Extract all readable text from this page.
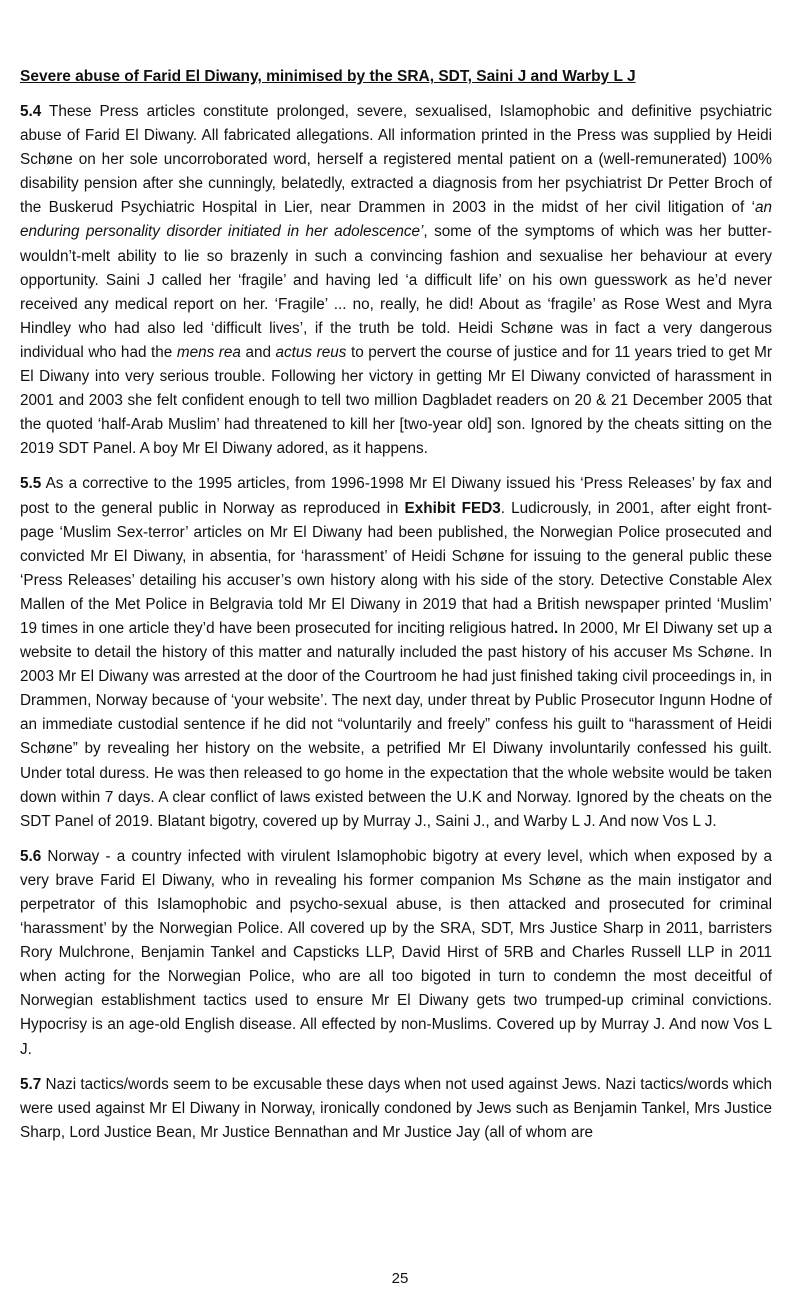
Severe abuse of Farid El Diwany, minimised by the SRA, SDT, Saini J and Warby L J

5.4 These Press articles constitute prolonged, severe, sexualised, Islamophobic and definitive psychiatric abuse of Farid El Diwany. All fabricated allegations. All information printed in the Press was supplied by Heidi Schøne on her sole uncorroborated word, herself a registered mental patient on a (well-remunerated) 100% disability pension after she cunningly, belatedly, extracted a diagnosis from her psychiatrist Dr Petter Broch of the Buskerud Psychiatric Hospital in Lier, near Drammen in 2003 in the midst of her civil litigation of ‘an enduring personality disorder initiated in her adolescence’, some of the symptoms of which was her butter-wouldn’t-melt ability to lie so brazenly in such a convincing fashion and sexualise her behaviour at every opportunity. Saini J called her ‘fragile’ and having led ‘a difficult life’ on his own guesswork as he’d never received any medical report on her. ‘Fragile’ ... no, really, he did! About as ‘fragile’ as Rose West and Myra Hindley who had also led ‘difficult lives’, if the truth be told. Heidi Schøne was in fact a very dangerous individual who had the mens rea and actus reus to pervert the course of justice and for 11 years tried to get Mr El Diwany into very serious trouble. Following her victory in getting Mr El Diwany convicted of harassment in 2001 and 2003 she felt confident enough to tell two million Dagbladet readers on 20 & 21 December 2005 that the quoted ‘half-Arab Muslim’ had threatened to kill her [two-year old] son. Ignored by the cheats sitting on the 2019 SDT Panel. A boy Mr El Diwany adored, as it happens.

5.5 As a corrective to the 1995 articles, from 1996-1998 Mr El Diwany issued his ‘Press Releases’ by fax and post to the general public in Norway as reproduced in Exhibit FED3. Ludicrously, in 2001, after eight front-page ‘Muslim Sex-terror’ articles on Mr El Diwany had been published, the Norwegian Police prosecuted and convicted Mr El Diwany, in absentia, for ‘harassment’ of Heidi Schøne for issuing to the general public these ‘Press Releases’ detailing his accuser’s own history along with his side of the story. Detective Constable Alex Mallen of the Met Police in Belgravia told Mr El Diwany in 2019 that had a British newspaper printed ‘Muslim’ 19 times in one article they’d have been prosecuted for inciting religious hatred. In 2000, Mr El Diwany set up a website to detail the history of this matter and naturally included the past history of his accuser Ms Schøne. In 2003 Mr El Diwany was arrested at the door of the Courtroom he had just finished taking civil proceedings in, in Drammen, Norway because of ‘your website’. The next day, under threat by Public Prosecutor Ingunn Hodne of an immediate custodial sentence if he did not “voluntarily and freely” confess his guilt to “harassment of Heidi Schøne” by revealing her history on the website, a petrified Mr El Diwany involuntarily confessed his guilt. Under total duress. He was then released to go home in the expectation that the whole website would be taken down within 7 days. A clear conflict of laws existed between the U.K and Norway. Ignored by the cheats on the SDT Panel of 2019. Blatant bigotry, covered up by Murray J., Saini J., and Warby L J. And now Vos L J.

5.6 Norway - a country infected with virulent Islamophobic bigotry at every level, which when exposed by a very brave Farid El Diwany, who in revealing his former companion Ms Schøne as the main instigator and perpetrator of this Islamophobic and psycho-sexual abuse, is then attacked and prosecuted for criminal ‘harassment’ by the Norwegian Police. All covered up by the SRA, SDT, Mrs Justice Sharp in 2011, barristers Rory Mulchrone, Benjamin Tankel and Capsticks LLP, David Hirst of 5RB and Charles Russell LLP in 2011 when acting for the Norwegian Police, who are all too bigoted in turn to condemn the most deceitful of Norwegian establishment tactics used to ensure Mr El Diwany gets two trumped-up criminal convictions. Hypocrisy is an age-old English disease. All effected by non-Muslims. Covered up by Murray J. And now Vos L J.

5.7 Nazi tactics/words seem to be excusable these days when not used against Jews. Nazi tactics/words which were used against Mr El Diwany in Norway, ironically condoned by Jews such as Benjamin Tankel, Mrs Justice Sharp, Lord Justice Bean, Mr Justice Bennathan and Mr Justice Jay (all of whom are

25
